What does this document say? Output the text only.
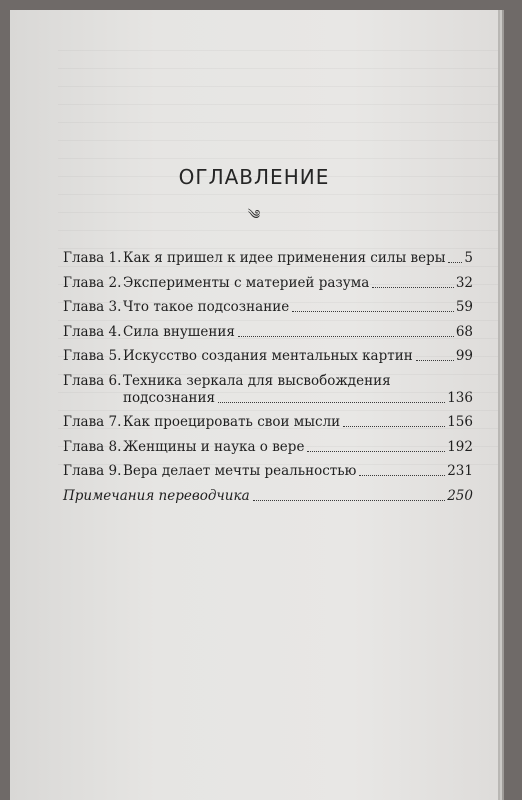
ОГЛАВЛЕНИЕ
༄
Глава 1. Как я пришел к идее применения силы веры 5
Глава 2. Эксперименты с материей разума	32
Глава 3. Что такое подсознание	59
Глава 4. Сила внушения	68
Глава 5. Искусство создания ментальных картин	99
Глава 6. Техника зеркала для высвобождения
подсознания	136
Глава 7. Как проецировать свои мысли	156
Глава 8. Женщины и наука о вере	192
Глава 9. Вера делает мечты реальностью	231
Примечания переводчика	250
